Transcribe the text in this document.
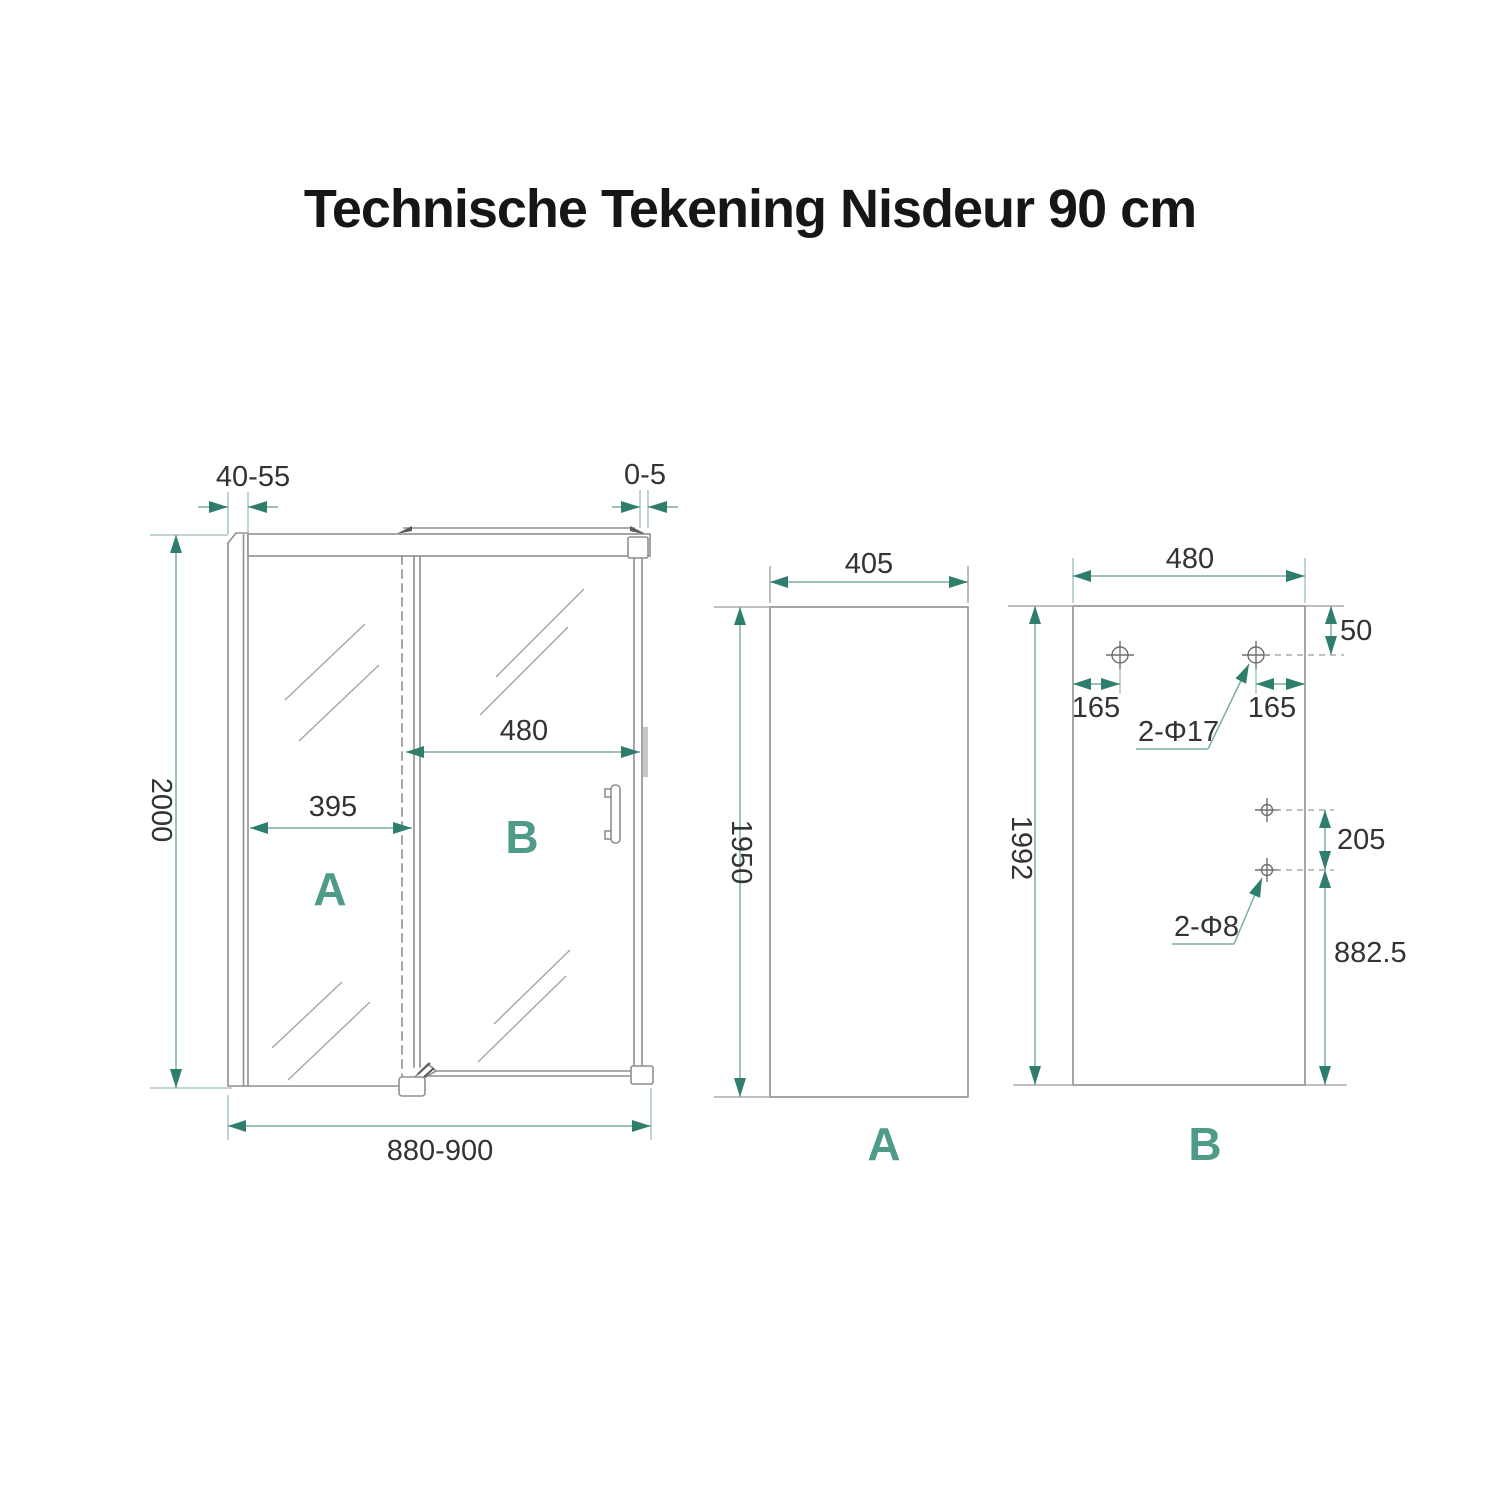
Technische Tekening Nisdeur 90 cm
40-55	0-5
2000
480
395
880-900
A
B
405
1950
A
480
1992
50
165	165
2-Φ17
205
882.5
2-Φ8
B
